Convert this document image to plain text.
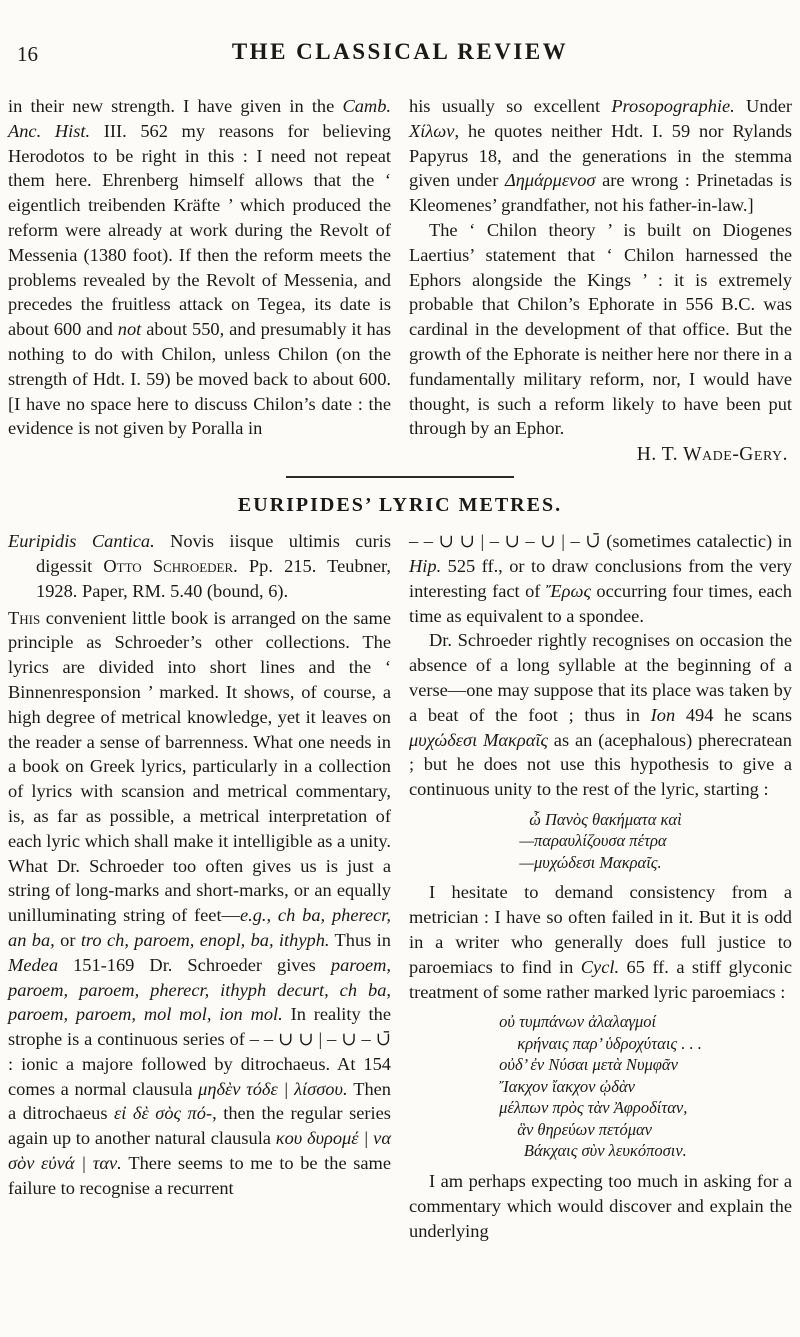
16	THE CLASSICAL REVIEW

in their new strength. I have given in the Camb. Anc. Hist. III. 562 my reasons for believing Herodotos to be right in this : I need not repeat them here. Ehrenberg himself allows that the ‘ eigentlich treibenden Kräfte ’ which produced the reform were already at work during the Revolt of Messenia (1380 foot). If then the reform meets the problems revealed by the Revolt of Messenia, and precedes the fruitless attack on Tegea, its date is about 600 and not about 550, and presumably it has nothing to do with Chilon, unless Chilon (on the strength of Hdt. I. 59) be moved back to about 600. [I have no space here to discuss Chilon’s date : the evidence is not given by Poralla in

his usually so excellent Prosopographie. Under Χίλων, he quotes neither Hdt. I. 59 nor Rylands Papyrus 18, and the generations in the stemma given under Δημάρμενοσ are wrong : Prinetadas is Kleomenes’ grandfather, not his father-in-law.]

The ‘ Chilon theory ’ is built on Diogenes Laertius’ statement that ‘ Chilon harnessed the Ephors alongside the Kings ’ : it is extremely probable that Chilon’s Ephorate in 556 B.C. was cardinal in the development of that office. But the growth of the Ephorate is neither here nor there in a fundamentally military reform, nor, I would have thought, is such a reform likely to have been put through by an Ephor.

H. T. Wade-Gery.
EURIPIDES’ LYRIC METRES.

Euripidis Cantica. Novis iisque ultimis curis digessit Otto Schroeder. Pp. 215. Teubner, 1928. Paper, RM. 5.40 (bound, 6).

This convenient little book is arranged on the same principle as Schroeder’s other collections. The lyrics are divided into short lines and the ‘ Binnenresponsion ’ marked. It shows, of course, a high degree of metrical knowledge, yet it leaves on the reader a sense of barrenness. What one needs in a book on Greek lyrics, particularly in a collection of lyrics with scansion and metrical commentary, is, as far as possible, a metrical interpretation of each lyric which shall make it intelligible as a unity. What Dr. Schroeder too often gives us is just a string of long-marks and short-marks, or an equally unilluminating string of feet—e.g., ch ba, pherecr, an ba, or tro ch, paroem, enopl, ba, ithyph. Thus in Medea 151-169 Dr. Schroeder gives paroem, paroem, paroem, pherecr, ithyph decurt, ch ba, paroem, paroem, mol mol, ion mol. In reality the strophe is a continuous series of – – ∪ ∪ | – ∪ – ∪̄ : ionic a majore followed by ditrochaeus. At 154 comes a normal clausula μηδὲν τόδε | λίσσου. Then a ditrochaeus εἰ δὲ σὸς πό-, then the regular series again up to another natural clausula κου δυρομέ | να σὸν εὐνά | ταν. There seems to me to be the same failure to recognise a recurrent

– – ∪ ∪ | – ∪ – ∪ | – ∪̄ (sometimes catalectic) in Hip. 525 ff., or to draw conclusions from the very interesting fact of Ἔρως occurring four times, each time as equivalent to a spondee.

Dr. Schroeder rightly recognises on occasion the absence of a long syllable at the beginning of a verse—one may suppose that its place was taken by a beat of the foot ; thus in Ion 494 he scans μυχώδεσι Μακραῖς as an (acephalous) pherecratean ; but he does not use this hypothesis to give a continuous unity to the rest of the lyric, starting :

ὦ Πανὸς θακήματα καὶ
—παραυλίζουσα πέτρα
—μυχώδεσι Μακραῖς.

I hesitate to demand consistency from a metrician : I have so often failed in it. But it is odd in a writer who generally does full justice to paroemiacs to find in Cycl. 65 ff. a stiff glyconic treatment of some rather marked lyric paroemiacs :

οὐ τυμπάνων ἀλαλαγμοί
κρήναις παρ’ ὑδροχύταις . . .
οὐδ’ ἐν Νύσαι μετὰ Νυμφᾶν
Ἴακχον ἴακχον ᾠδὰν
μέλπων πρὸς τὰν Ἀφροδίταν,
ἃν θηρεύων πετόμαν
Βάκχαις σὺν λευκόποσιν.

I am perhaps expecting too much in asking for a commentary which would discover and explain the underlying
